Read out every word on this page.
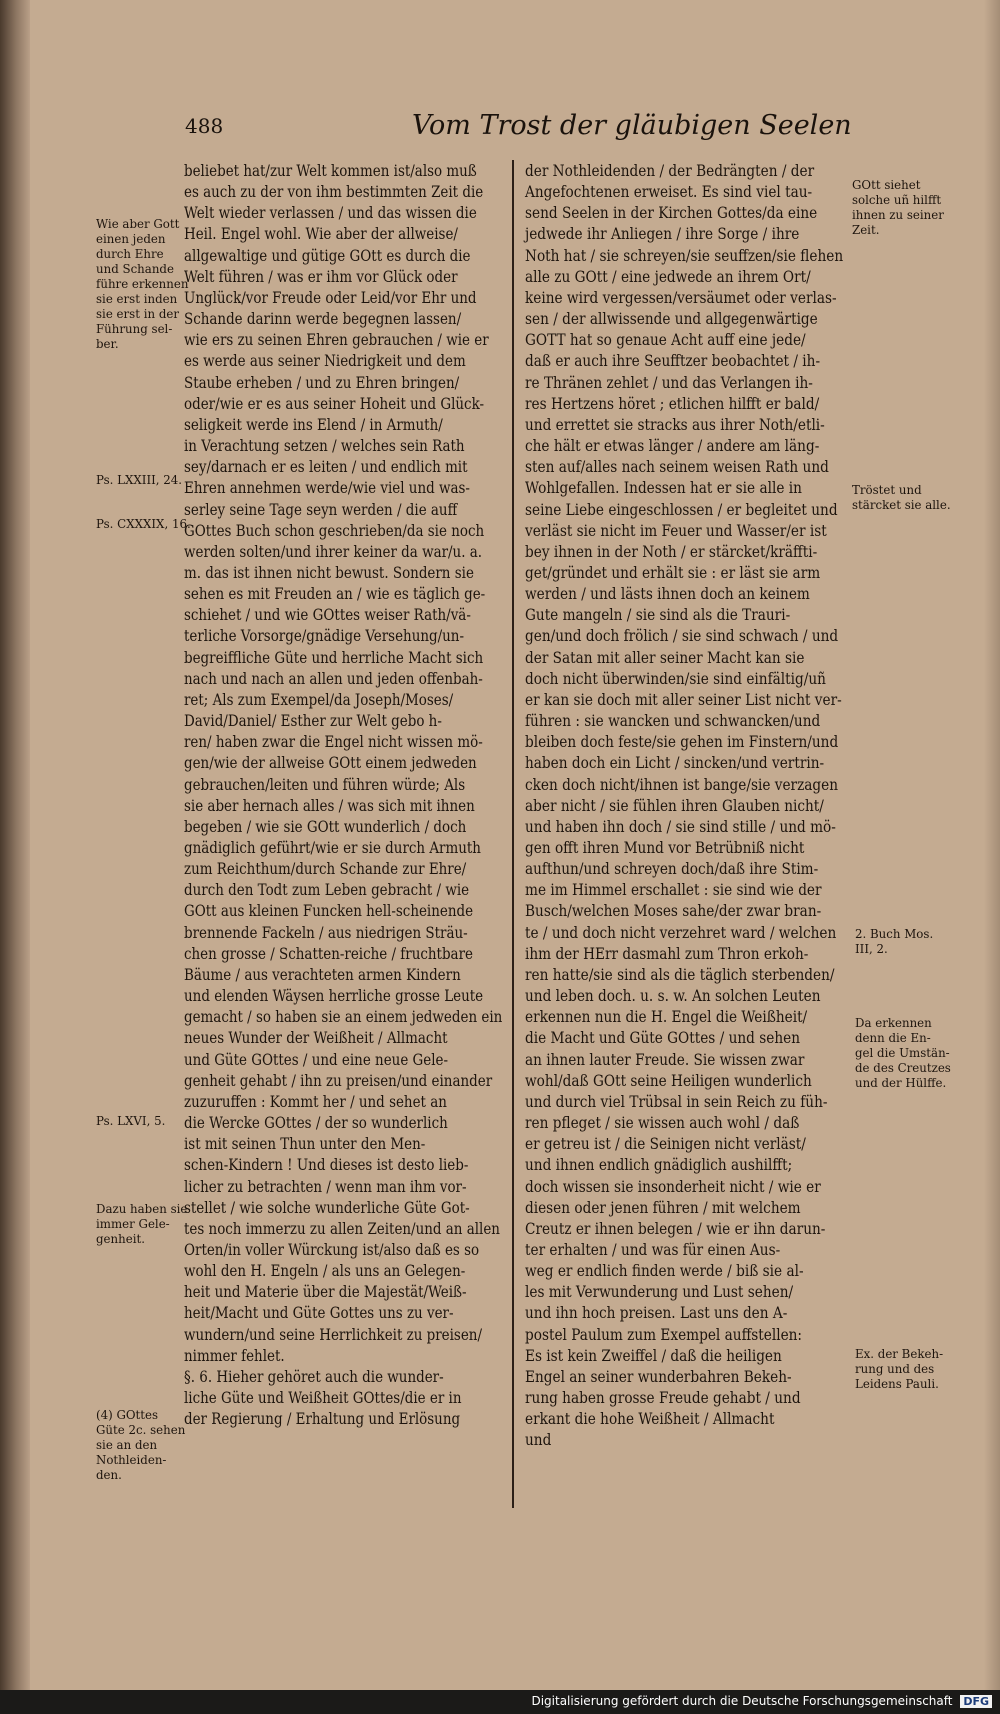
488	Vom Trost der gläubigen Seelen
beliebet hat/zur Welt kommen ist/also muß
es auch zu der von ihm bestimmten Zeit die
Welt wieder verlassen / und das wissen die
Heil. Engel wohl. Wie aber der allweise/
allgewaltige und gütige GOtt es durch die
Welt führen / was er ihm vor Glück oder
Unglück/vor Freude oder Leid/vor Ehr und
Schande darinn werde begegnen lassen/
wie ers zu seinen Ehren gebrauchen / wie er
es werde aus seiner Niedrigkeit und dem
Staube erheben / und zu Ehren bringen/
oder/wie er es aus seiner Hoheit und Glück-
seligkeit werde ins Elend / in Armuth/
in Verachtung setzen / welches sein Rath
sey/darnach er es leiten / und endlich mit
Ehren annehmen werde/wie viel und was-
serley seine Tage seyn werden / die auff
GOttes Buch schon geschrieben/da sie noch
werden solten/und ihrer keiner da war/u. a.
m. das ist ihnen nicht bewust. Sondern sie
sehen es mit Freuden an / wie es täglich ge-
schiehet / und wie GOttes weiser Rath/vä-
terliche Vorsorge/gnädige Versehung/un-
begreiffliche Güte und herrliche Macht sich
nach und nach an allen und jeden offenbah-
ret; Als zum Exempel/da Joseph/Moses/
David/Daniel/ Esther zur Welt gebo h-
ren/ haben zwar die Engel nicht wissen mö-
gen/wie der allweise GOtt einem jedweden
gebrauchen/leiten und führen würde; Als
sie aber hernach alles / was sich mit ihnen
begeben / wie sie GOtt wunderlich / doch
gnädiglich geführt/wie er sie durch Armuth
zum Reichthum/durch Schande zur Ehre/
durch den Todt zum Leben gebracht / wie
GOtt aus kleinen Funcken hell-scheinende
brennende Fackeln / aus niedrigen Sträu-
chen grosse / Schatten-reiche / fruchtbare
Bäume / aus verachteten armen Kindern
und elenden Wäysen herrliche grosse Leute
gemacht / so haben sie an einem jedweden ein
neues Wunder der Weißheit / Allmacht
und Güte GOttes / und eine neue Gele-
genheit gehabt / ihn zu preisen/und einander
zuzuruffen : Kommt her / und sehet an
die Wercke GOttes / der so wunderlich
ist mit seinen Thun unter den Men-
schen-Kindern ! Und dieses ist desto lieb-
licher zu betrachten / wenn man ihm vor-
stellet / wie solche wunderliche Güte Got-
tes noch immerzu zu allen Zeiten/und an allen
Orten/in voller Würckung ist/also daß es so
wohl den H. Engeln / als uns an Gelegen-
heit und Materie über die Majestät/Weiß-
heit/Macht und Güte Gottes uns zu ver-
wundern/und seine Herrlichkeit zu preisen/
nimmer fehlet.
§. 6. Hieher gehöret auch die wunder-
liche Güte und Weißheit GOttes/die er in
der Regierung / Erhaltung und Erlösung
der Nothleidenden / der Bedrängten / der
Angefochtenen erweiset. Es sind viel tau-
send Seelen in der Kirchen Gottes/da eine
jedwede ihr Anliegen / ihre Sorge / ihre
Noth hat / sie schreyen/sie seuffzen/sie flehen
alle zu GOtt / eine jedwede an ihrem Ort/
keine wird vergessen/versäumet oder verlas-
sen / der allwissende und allgegenwärtige
GOTT hat so genaue Acht auff eine jede/
daß er auch ihre Seufftzer beobachtet / ih-
re Thränen zehlet / und das Verlangen ih-
res Hertzens höret ; etlichen hilfft er bald/
und errettet sie stracks aus ihrer Noth/etli-
che hält er etwas länger / andere am läng-
sten auf/alles nach seinem weisen Rath und
Wohlgefallen. Indessen hat er sie alle in
seine Liebe eingeschlossen / er begleitet und
verläst sie nicht im Feuer und Wasser/er ist
bey ihnen in der Noth / er stärcket/kräffti-
get/gründet und erhält sie : er läst sie arm
werden / und lästs ihnen doch an keinem
Gute mangeln / sie sind als die Trauri-
gen/und doch frölich / sie sind schwach / und
der Satan mit aller seiner Macht kan sie
doch nicht überwinden/sie sind einfältig/uñ
er kan sie doch mit aller seiner List nicht ver-
führen : sie wancken und schwancken/und
bleiben doch feste/sie gehen im Finstern/und
haben doch ein Licht / sincken/und vertrin-
cken doch nicht/ihnen ist bange/sie verzagen
aber nicht / sie fühlen ihren Glauben nicht/
und haben ihn doch / sie sind stille / und mö-
gen offt ihren Mund vor Betrübniß nicht
aufthun/und schreyen doch/daß ihre Stim-
me im Himmel erschallet : sie sind wie der
Busch/welchen Moses sahe/der zwar bran-
te / und doch nicht verzehret ward / welchen
ihm der HErr dasmahl zum Thron erkoh-
ren hatte/sie sind als die täglich sterbenden/
und leben doch. u. s. w. An solchen Leuten
erkennen nun die H. Engel die Weißheit/
die Macht und Güte GOttes / und sehen
an ihnen lauter Freude. Sie wissen zwar
wohl/daß GOtt seine Heiligen wunderlich
und durch viel Trübsal in sein Reich zu füh-
ren pfleget / sie wissen auch wohl / daß
er getreu ist / die Seinigen nicht verläst/
und ihnen endlich gnädiglich aushilfft;
doch wissen sie insonderheit nicht / wie er
diesen oder jenen führen / mit welchem
Creutz er ihnen belegen / wie er ihn darun-
ter erhalten / und was für einen Aus-
weg er endlich finden werde / biß sie al-
les mit Verwunderung und Lust sehen/
und ihn hoch preisen. Last uns den A-
postel Paulum zum Exempel auffstellen:
Es ist kein Zweiffel / daß die heiligen
Engel an seiner wunderbahren Bekeh-
rung haben grosse Freude gehabt / und
erkant die hohe Weißheit / Allmacht
und
Wie aber Gott
einen jeden
durch Ehre
und Schande
führe erkennen
sie erst inden
sie erst in der
Führung sel-
ber.
Ps. LXXIII, 24.
Ps. CXXXIX, 16.
Ps. LXVI, 5.
Dazu haben sie
immer Gele-
genheit.
(4) GOttes
Güte 2c. sehen
sie an den
Nothleiden-
den.
GOtt siehet
solche uñ hilfft
ihnen zu seiner
Zeit.
Tröstet und
stärcket sie alle.
2. Buch Mos.
III, 2.
Da erkennen
denn die En-
gel die Umstän-
de des Creutzes
und der Hülffe.
Ex. der Bekeh-
rung und des
Leidens Pauli.
Digitalisierung gefördert durch die Deutsche Forschungsgemeinschaft DFG
